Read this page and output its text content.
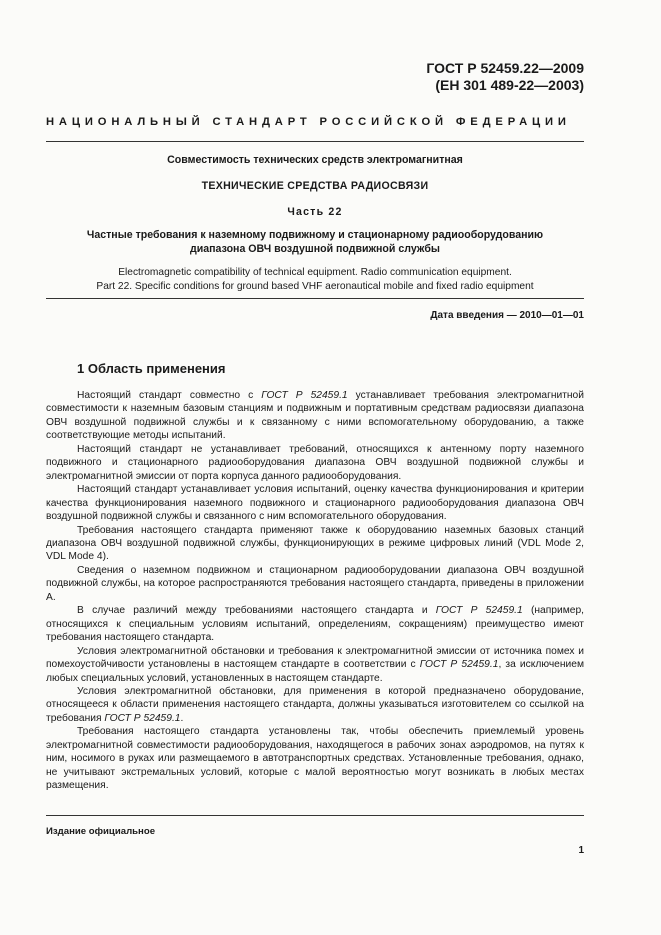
ГОСТ Р 52459.22—2009
(ЕН 301 489-22—2003)
НАЦИОНАЛЬНЫЙ СТАНДАРТ РОССИЙСКОЙ ФЕДЕРАЦИИ
Совместимость технических средств электромагнитная
ТЕХНИЧЕСКИЕ СРЕДСТВА РАДИОСВЯЗИ
Часть 22
Частные требования к наземному подвижному и стационарному радиооборудованию
диапазона ОВЧ воздушной подвижной службы
Electromagnetic compatibility of technical equipment. Radio communication equipment.
Part 22. Specific conditions for ground based VHF aeronautical mobile and fixed radio equipment
Дата введения — 2010—01—01
1 Область применения

Настоящий стандарт совместно с ГОСТ Р 52459.1 устанавливает требования электромагнитной совместимости к наземным базовым станциям и подвижным и портативным средствам радиосвязи диапазона ОВЧ воздушной подвижной службы и к связанному с ними вспомогательному оборудованию, а также соответствующие методы испытаний.

Настоящий стандарт не устанавливает требований, относящихся к антенному порту наземного подвижного и стационарного радиооборудования диапазона ОВЧ воздушной подвижной службы и электромагнитной эмиссии от порта корпуса данного радиооборудования.

Настоящий стандарт устанавливает условия испытаний, оценку качества функционирования и критерии качества функционирования наземного подвижного и стационарного радиооборудования диапазона ОВЧ воздушной подвижной службы и связанного с ним вспомогательного оборудования.

Требования настоящего стандарта применяют также к оборудованию наземных базовых станций диапазона ОВЧ воздушной подвижной службы, функционирующих в режиме цифровых линий (VDL Mode 2, VDL Mode 4).

Сведения о наземном подвижном и стационарном радиооборудовании диапазона ОВЧ воздушной подвижной службы, на которое распространяются требования настоящего стандарта, приведены в приложении А.

В случае различий между требованиями настоящего стандарта и ГОСТ Р 52459.1 (например, относящихся к специальным условиям испытаний, определениям, сокращениям) преимущество имеют требования настоящего стандарта.

Условия электромагнитной обстановки и требования к электромагнитной эмиссии от источника помех и помехоустойчивости установлены в настоящем стандарте в соответствии с ГОСТ Р 52459.1, за исключением любых специальных условий, установленных в настоящем стандарте.

Условия электромагнитной обстановки, для применения в которой предназначено оборудование, относящееся к области применения настоящего стандарта, должны указываться изготовителем со ссылкой на требования ГОСТ Р 52459.1.

Требования настоящего стандарта установлены так, чтобы обеспечить приемлемый уровень электромагнитной совместимости радиооборудования, находящегося в рабочих зонах аэродромов, на путях к ним, носимого в руках или размещаемого в автотранспортных средствах. Установленные требования, однако, не учитывают экстремальных условий, которые с малой вероятностью могут возникать в любых местах размещения.

Издание официальное
1
